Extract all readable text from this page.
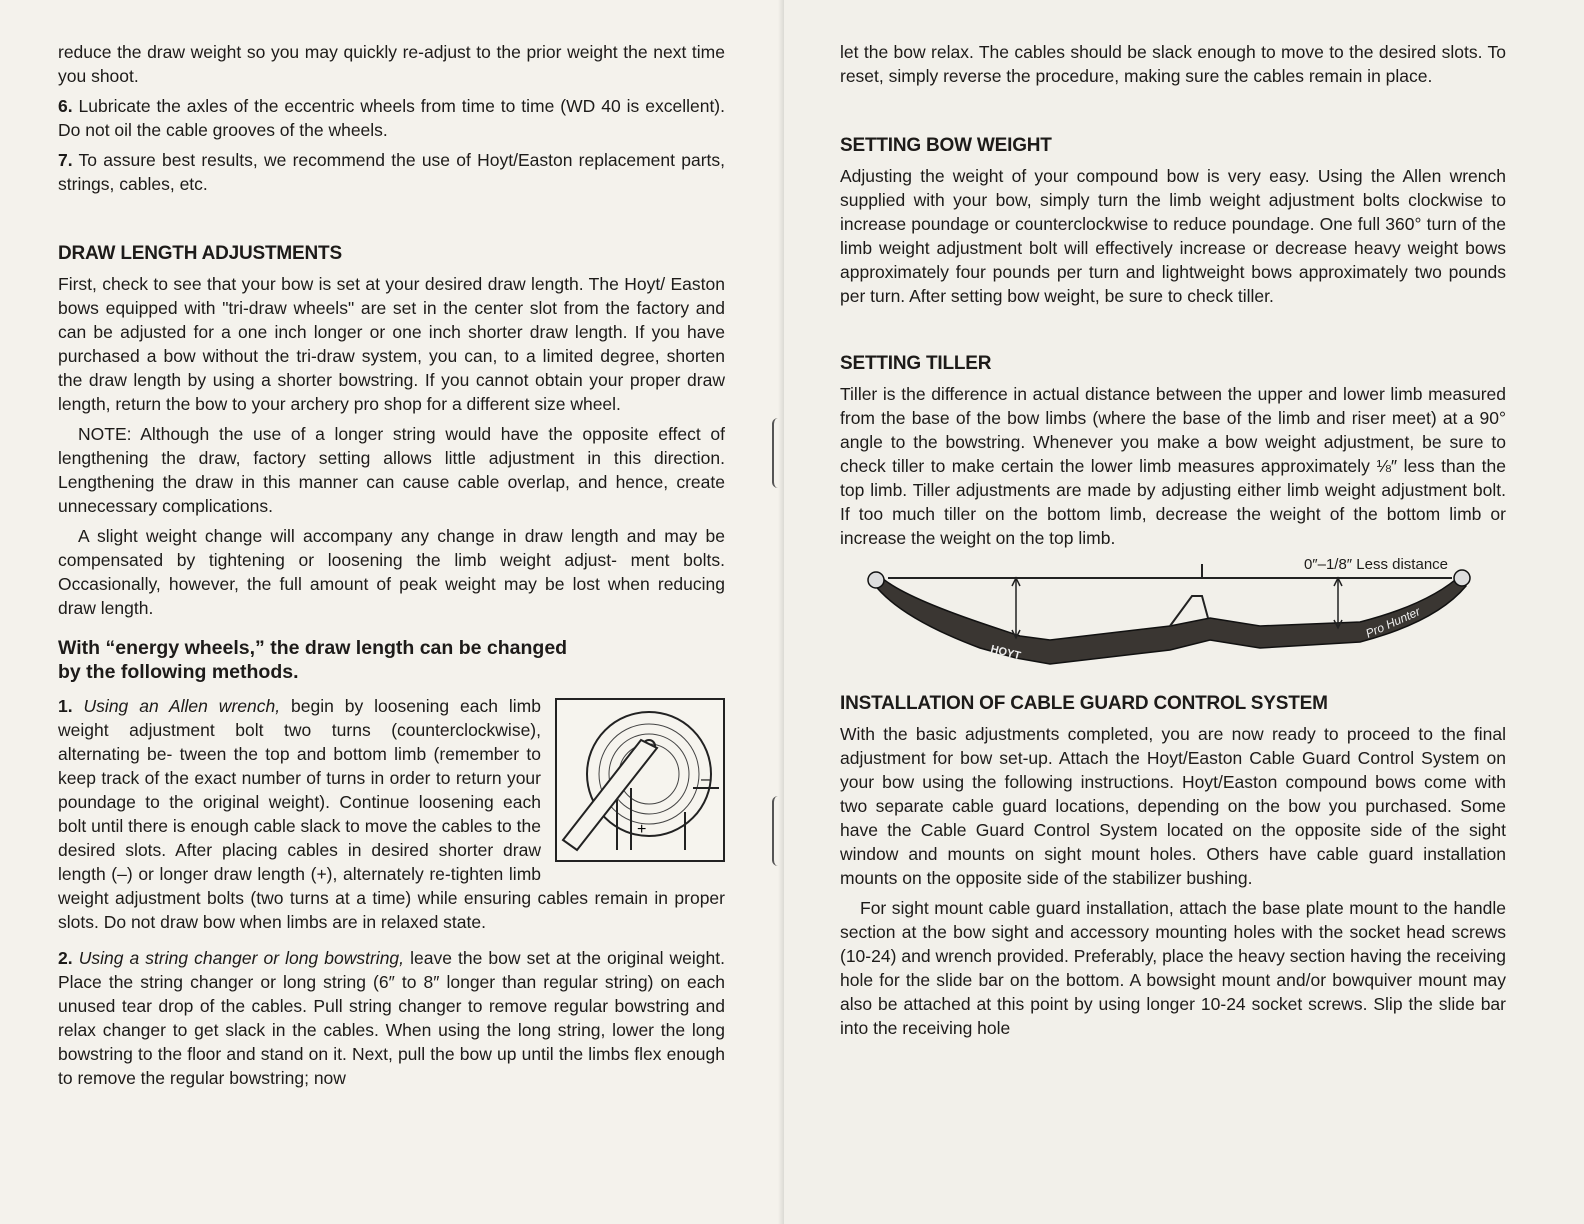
reduce the draw weight so you may quickly re-adjust to the prior weight the next time you shoot.

6. Lubricate the axles of the eccentric wheels from time to time (WD 40 is excellent). Do not oil the cable grooves of the wheels.

7. To assure best results, we recommend the use of Hoyt/Easton replacement parts, strings, cables, etc.

DRAW LENGTH ADJUSTMENTS

First, check to see that your bow is set at your desired draw length. The Hoyt/ Easton bows equipped with "tri-draw wheels" are set in the center slot from the factory and can be adjusted for a one inch longer or one inch shorter draw length. If you have purchased a bow without the tri-draw system, you can, to a limited degree, shorten the draw length by using a shorter bowstring. If you cannot obtain your proper draw length, return the bow to your archery pro shop for a different size wheel.

NOTE: Although the use of a longer string would have the opposite effect of lengthening the draw, factory setting allows little adjustment in this direction. Lengthening the draw in this manner can cause cable overlap, and hence, create unnecessary complications.

A slight weight change will accompany any change in draw length and may be compensated by tightening or loosening the limb weight adjust- ment bolts. Occasionally, however, the full amount of peak weight may be lost when reducing draw length.

With “energy wheels,” the draw length can be changed
by the following methods.

–
+
1. Using an Allen wrench, begin by loosening each limb weight adjustment bolt two turns (counterclockwise), alternating be- tween the top and bottom limb (remember to keep track of the exact number of turns in order to return your poundage to the original weight). Continue loosening each bolt until there is enough cable slack to move the cables to the desired slots. After placing cables in desired shorter draw length (–) or longer draw length (+), alternately re-tighten limb weight adjustment bolts (two turns at a time) while ensuring cables remain in proper slots. Do not draw bow when limbs are in relaxed state.

2. Using a string changer or long bowstring, leave the bow set at the original weight. Place the string changer or long string (6″ to 8″ longer than regular string) on each unused tear drop of the cables. Pull string changer to remove regular bowstring and relax changer to get slack in the cables. When using the long string, lower the long bowstring to the floor and stand on it. Next, pull the bow up until the limbs flex enough to remove the regular bowstring; now

let the bow relax. The cables should be slack enough to move to the desired slots. To reset, simply reverse the procedure, making sure the cables remain in place.

SETTING BOW WEIGHT

Adjusting the weight of your compound bow is very easy. Using the Allen wrench supplied with your bow, simply turn the limb weight adjustment bolts clockwise to increase poundage or counterclockwise to reduce poundage. One full 360° turn of the limb weight adjustment bolt will effectively increase or decrease heavy weight bows approximately four pounds per turn and lightweight bows approximately two pounds per turn. After setting bow weight, be sure to check tiller.

SETTING TILLER

Tiller is the difference in actual distance between the upper and lower limb measured from the base of the bow limbs (where the base of the limb and riser meet) at a 90° angle to the bowstring. Whenever you make a bow weight adjustment, be sure to check tiller to make certain the lower limb measures approximately ⅛″ less than the top limb. Tiller adjustments are made by adjusting either limb weight adjustment bolt. If too much tiller on the bottom limb, decrease the weight of the bottom limb or increase the weight on the top limb.

0″–1/8″ Less distance
HOYT
Pro Hunter
INSTALLATION OF CABLE GUARD CONTROL SYSTEM

With the basic adjustments completed, you are now ready to proceed to the final adjustment for bow set-up. Attach the Hoyt/Easton Cable Guard Control System on your bow using the following instructions. Hoyt/Easton compound bows come with two separate cable guard locations, depending on the bow you purchased. Some have the Cable Guard Control System located on the opposite side of the sight window and mounts on sight mount holes. Others have cable guard installation mounts on the opposite side of the stabilizer bushing.

For sight mount cable guard installation, attach the base plate mount to the handle section at the bow sight and accessory mounting holes with the socket head screws (10-24) and wrench provided. Preferably, place the heavy section having the receiving hole for the slide bar on the bottom. A bowsight mount and/or bowquiver mount may also be attached at this point by using longer 10-24 socket screws. Slip the slide bar into the receiving hole
